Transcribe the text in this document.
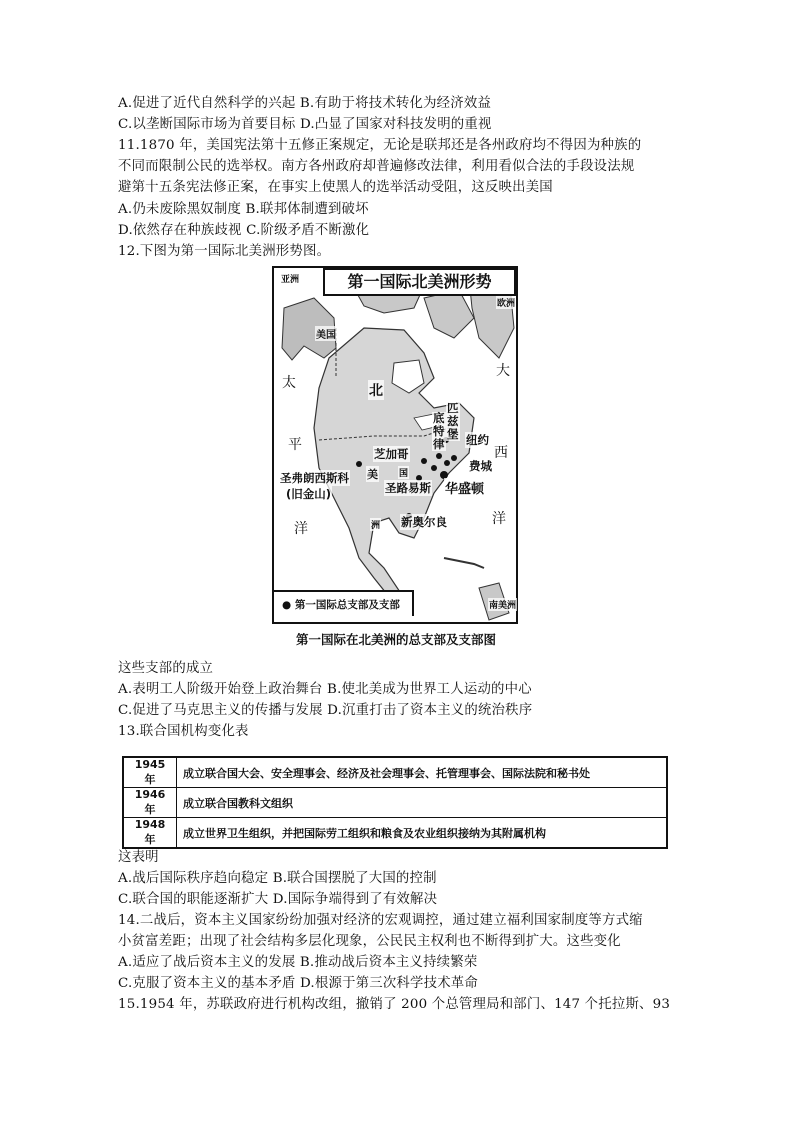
A.促进了近代自然科学的兴起 B.有助于将技术转化为经济效益
C.以垄断国际市场为首要目标 D.凸显了国家对科技发明的重视
11.1870 年，美国宪法第十五修正案规定，无论是联邦还是各州政府均不得因为种族的
不同而限制公民的选举权。南方各州政府却普遍修改法律，利用看似合法的手段设法规
避第十五条宪法修正案，在事实上使黑人的选举活动受阻，这反映出美国
A.仍未废除黑奴制度 B.联邦体制遭到破坏
D.依然存在种族歧视 C.阶级矛盾不断激化
12.下图为第一国际北美洲形势图。
第一国际北美洲形势
亚洲
美国
北
美 国
洲
欧洲
南美洲
太
平
洋
大
西
洋
底特律
匹兹堡 纽约
芝加哥
费城
圣弗朗西斯科
(旧金山)	圣路易斯 华盛顿
新奥尔良
● 第一国际总支部及支部
第一国际在北美洲的总支部及支部图
这些支部的成立
A.表明工人阶级开始登上政治舞台 B.使北美成为世界工人运动的中心
C.促进了马克思主义的传播与发展 D.沉重打击了资本主义的统治秩序
13.联合国机构变化表
1945 年	成立联合国大会、安全理事会、经济及社会理事会、托管理事会、国际法院和秘书处
1946 年	成立联合国教科文组织
1948 年	成立世界卫生组织，并把国际劳工组织和粮食及农业组织接纳为其附属机构
这表明
A.战后国际秩序趋向稳定 B.联合国摆脱了大国的控制
C.联合国的职能逐渐扩大 D.国际争端得到了有效解决
14.二战后，资本主义国家纷纷加强对经济的宏观调控，通过建立福利国家制度等方式缩
小贫富差距；出现了社会结构多层化现象，公民民主权利也不断得到扩大。这些变化
A.适应了战后资本主义的发展 B.推动战后资本主义持续繁荣
C.克服了资本主义的基本矛盾 D.根源于第三次科学技术革命
15.1954 年，苏联政府进行机构改组，撤销了 200 个总管理局和部门、147 个托拉斯、93
